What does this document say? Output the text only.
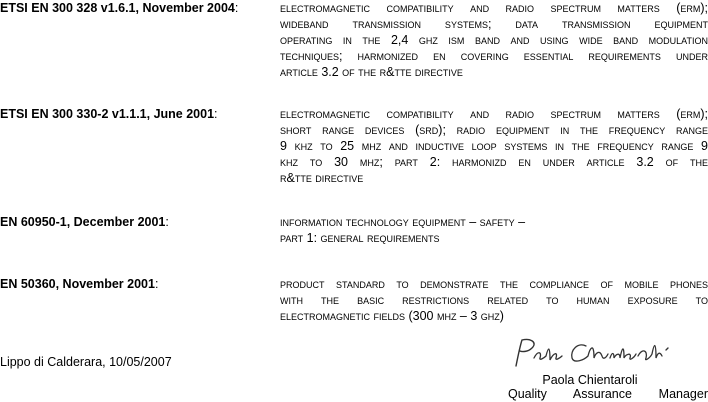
ETSI EN 300 328 v1.6.1, November 2004:	electromagnetic compatibility and radio spectrum matters (erm);
wideband transmission systems; data transmission equipment
operating in the 2,4 ghz ism band and using wide band modulation
techniques; harmonized en covering essential requirements under
article 3.2 of the r&tte directive
ETSI EN 300 330-2 v1.1.1, June 2001:	electromagnetic compatibility and radio spectrum matters (erm);
short range devices (srd); radio equipment in the frequency range
9 khz to 25 mhz and inductive loop systems in the frequency range 9
khz to 30 mhz; part 2: harmonizd en under article 3.2 of the
r&tte directive
EN 60950-1, December 2001:	information technology equipment – safety –
part 1: general requirements
EN 50360, November 2001:	product standard to demonstrate the compliance of mobile phones
with the basic restrictions related to human exposure to
electromagnetic fields (300 mhz – 3 ghz)
Lippo di Calderara, 10/05/2007
Paola Chientaroli
Quality Assurance Manager
